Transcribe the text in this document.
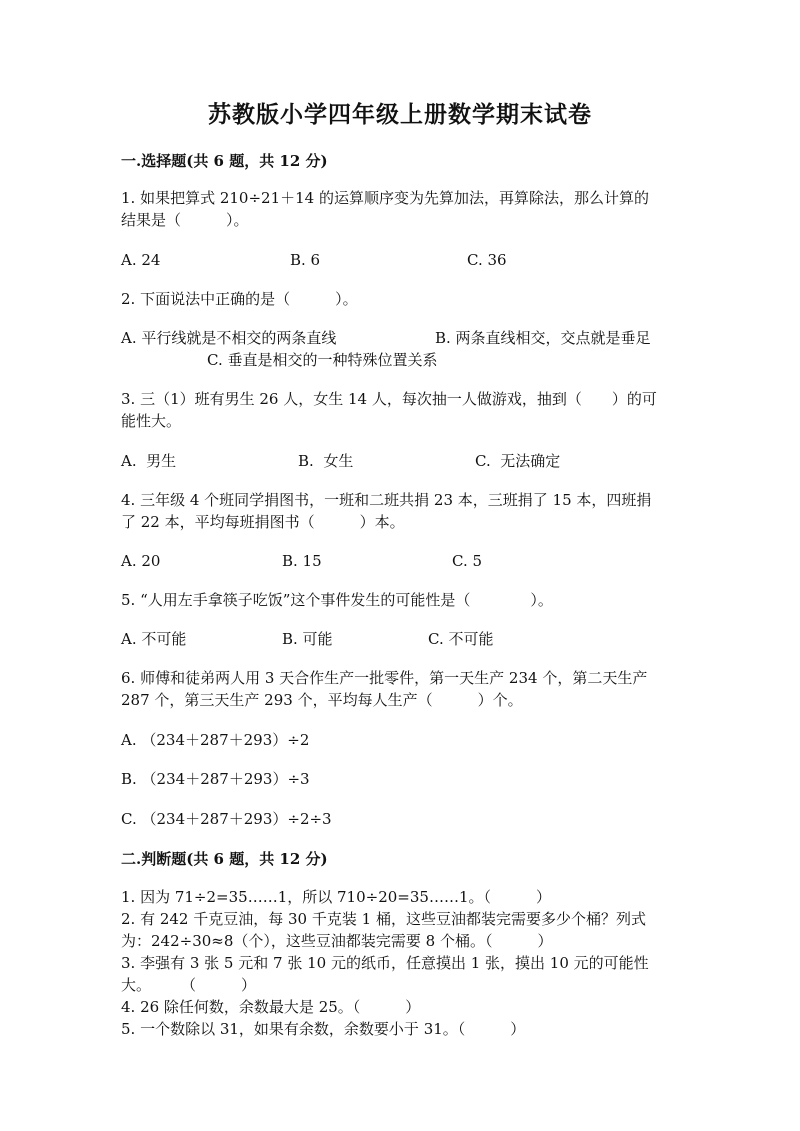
苏教版小学四年级上册数学期末试卷
一.选择题(共 6 题，共 12 分)
1. 如果把算式 210÷21＋14 的运算顺序变为先算加法，再算除法，那么计算的
结果是（　　　）。
A. 24	B. 6	C. 36
2. 下面说法中正确的是（　　　）。
A. 平行线就是不相交的两条直线	B. 两条直线相交，交点就是垂足
C. 垂直是相交的一种特殊位置关系
3. 三（1）班有男生 26 人，女生 14 人，每次抽一人做游戏，抽到（　　）的可
能性大。
A.  男生	B.  女生	C.  无法确定
4. 三年级 4 个班同学捐图书，一班和二班共捐 23 本，三班捐了 15 本，四班捐
了 22 本，平均每班捐图书（　　　）本。
A. 20	B. 15	C. 5
5. “人用左手拿筷子吃饭”这个事件发生的可能性是（　　　　）。
A. 不可能	B. 可能	C. 不可能
6. 师傅和徒弟两人用 3 天合作生产一批零件，第一天生产 234 个，第二天生产
287 个，第三天生产 293 个，平均每人生产（　　　）个。
A. （234＋287＋293）÷2
B. （234＋287＋293）÷3
C. （234＋287＋293）÷2÷3
二.判断题(共 6 题，共 12 分)
1. 因为 71÷2=35……1，所以 710÷20=35……1。（　　　）
2. 有 242 千克豆油，每 30 千克装 1 桶，这些豆油都装完需要多少个桶？列式
为：242÷30≈8（个），这些豆油都装完需要 8 个桶。（　　　）
3. 李强有 3 张 5 元和 7 张 10 元的纸币，任意摸出 1 张，摸出 10 元的可能性
大。　　　（　　　）
4. 26 除任何数，余数最大是 25。（　　　）
5. 一个数除以 31，如果有余数，余数要小于 31。（　　　）
